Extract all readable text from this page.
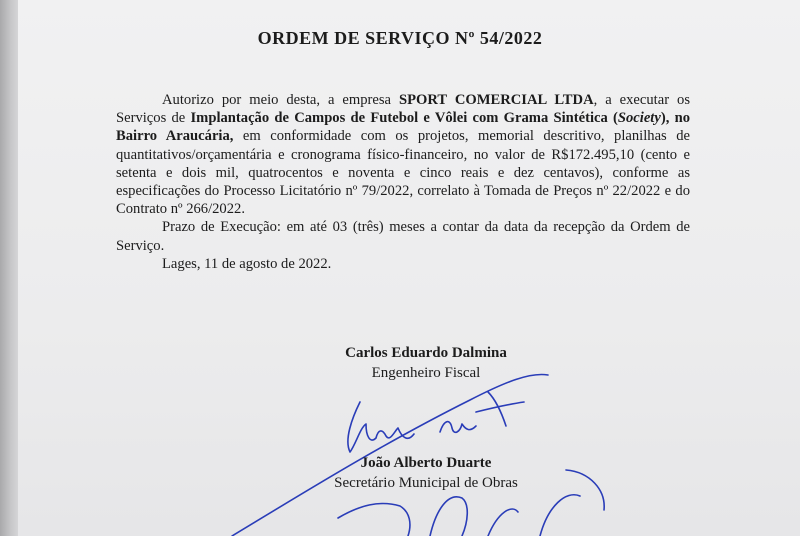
ORDEM DE SERVIÇO Nº 54/2022

Autorizo por meio desta, a empresa SPORT COMERCIAL LTDA, a executar os Serviços de Implantação de Campos de Futebol e Vôlei com Grama Sintética (Society), no Bairro Araucária, em conformidade com os projetos, memorial descritivo, planilhas de quantitativos/orçamentária e cronograma físico-financeiro, no valor de R$172.495,10 (cento e setenta e dois mil, quatrocentos e noventa e cinco reais e dez centavos), conforme as especificações do Processo Licitatório nº 79/2022, correlato à Tomada de Preços nº 22/2022 e do Contrato nº 266/2022.

Prazo de Execução: em até 03 (três) meses a contar da data da recepção da Ordem de Serviço.

Lages, 11 de agosto de 2022.

Carlos Eduardo Dalmina
Engenheiro Fiscal
João Alberto Duarte
Secretário Municipal de Obras
